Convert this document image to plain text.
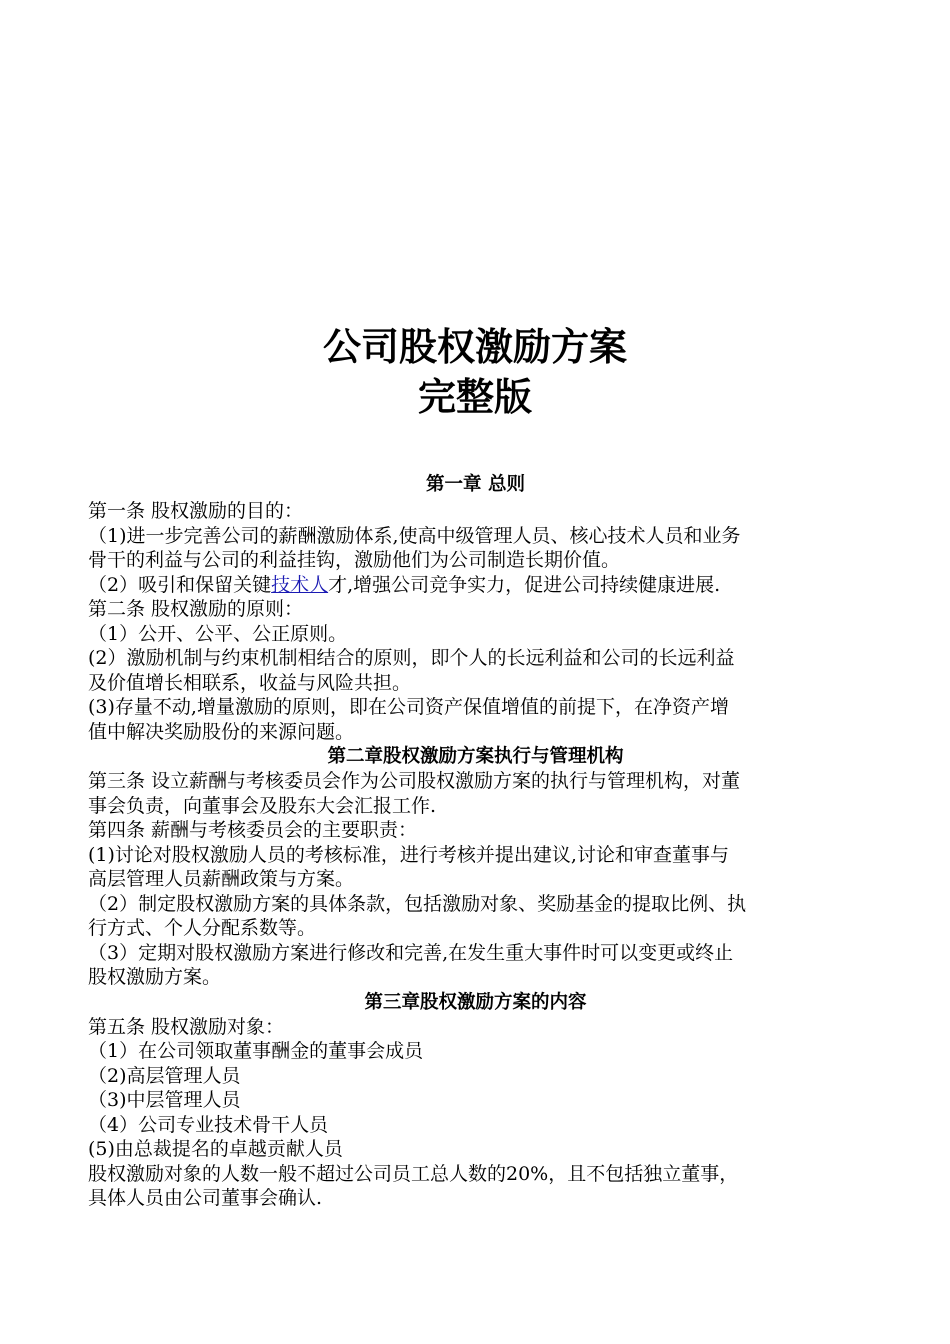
公司股权激励方案
完整版
第一章 总则
第一条 股权激励的目的：
（1)进一步完善公司的薪酬激励体系,使高中级管理人员、核心技术人员和业务
骨干的利益与公司的利益挂钩，激励他们为公司制造长期价值。
（2）吸引和保留关键技术人才,增强公司竞争实力，促进公司持续健康进展.
第二条 股权激励的原则：
（1）公开、公平、公正原则。
(2）激励机制与约束机制相结合的原则，即个人的长远利益和公司的长远利益
及价值增长相联系，收益与风险共担。
(3)存量不动,增量激励的原则，即在公司资产保值增值的前提下，在净资产增
值中解决奖励股份的来源问题。
第二章股权激励方案执行与管理机构
第三条 设立薪酬与考核委员会作为公司股权激励方案的执行与管理机构，对董
事会负责，向董事会及股东大会汇报工作.
第四条 薪酬与考核委员会的主要职责：
(1)讨论对股权激励人员的考核标准，进行考核并提出建议,讨论和审查董事与
高层管理人员薪酬政策与方案。
（2）制定股权激励方案的具体条款，包括激励对象、奖励基金的提取比例、执
行方式、个人分配系数等。
（3）定期对股权激励方案进行修改和完善,在发生重大事件时可以变更或终止
股权激励方案。
第三章股权激励方案的内容
第五条 股权激励对象：
（1）在公司领取董事酬金的董事会成员
（2)高层管理人员
（3)中层管理人员
（4）公司专业技术骨干人员
(5)由总裁提名的卓越贡献人员
股权激励对象的人数一般不超过公司员工总人数的20%，且不包括独立董事，
具体人员由公司董事会确认.
